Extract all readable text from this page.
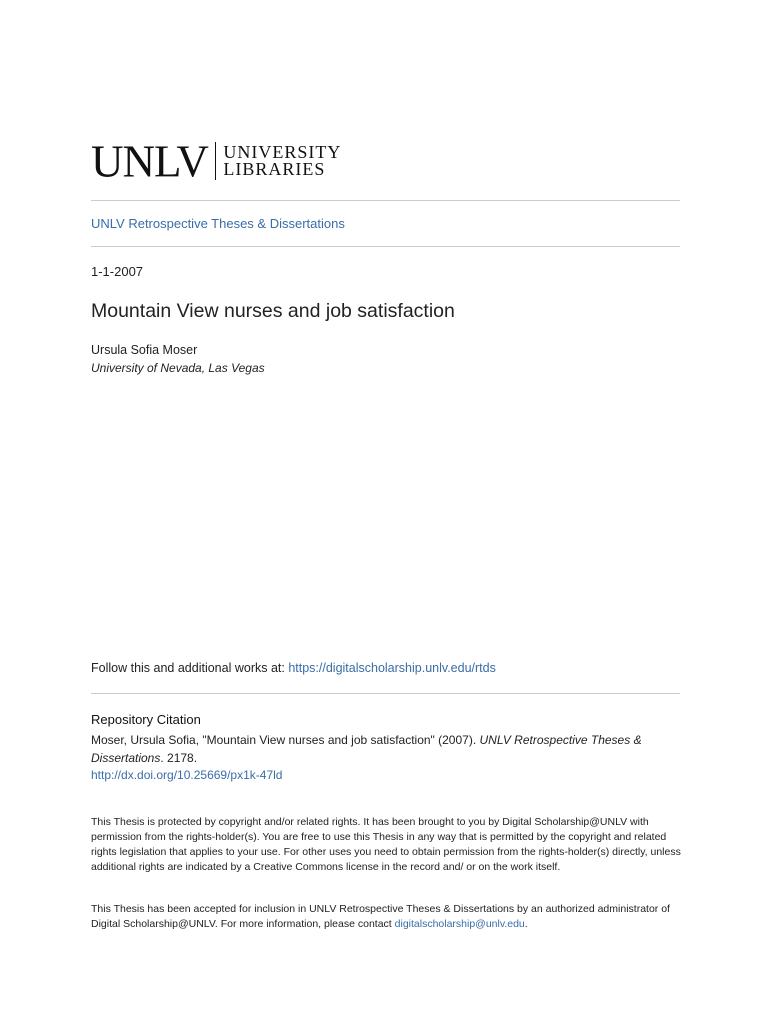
UNLV UNIVERSITY
LIBRARIES
UNLV Retrospective Theses & Dissertations

1-1-2007

Mountain View nurses and job satisfaction

Ursula Sofia Moser

University of Nevada, Las Vegas

Follow this and additional works at: https://digitalscholarship.unlv.edu/rtds

Repository Citation

Moser, Ursula Sofia, "Mountain View nurses and job satisfaction" (2007). UNLV Retrospective Theses & Dissertations. 2178.
http://dx.doi.org/10.25669/px1k-47ld

This Thesis is protected by copyright and/or related rights. It has been brought to you by Digital Scholarship@UNLV with permission from the rights-holder(s). You are free to use this Thesis in any way that is permitted by the copyright and related rights legislation that applies to your use. For other uses you need to obtain permission from the rights-holder(s) directly, unless additional rights are indicated by a Creative Commons license in the record and/ or on the work itself.

This Thesis has been accepted for inclusion in UNLV Retrospective Theses & Dissertations by an authorized administrator of Digital Scholarship@UNLV. For more information, please contact digitalscholarship@unlv.edu.
